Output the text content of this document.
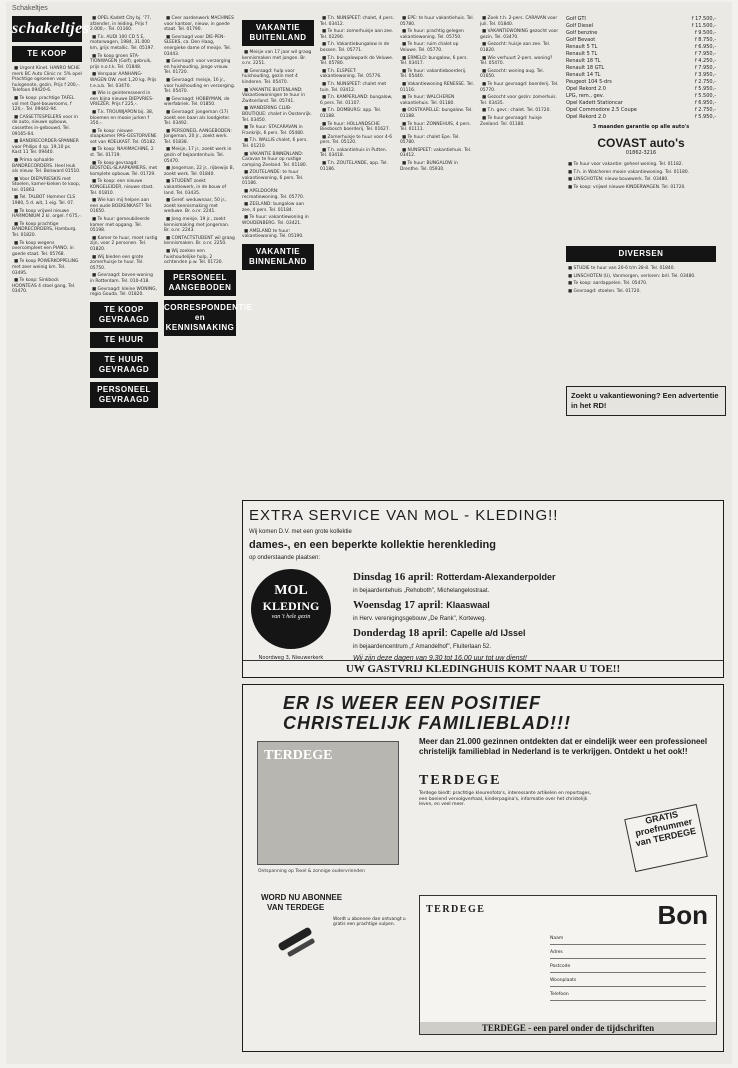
Schakeltjes
schakeltjes
TE KOOP

■ Urgent Kinet. HANRO NCHE merk BC Auto Clinic nr. 5% opel Prachtige ogroenen voor huisgenote, gezin, Prijs f 200,-. Telefoon 09420-6.

■ Te koop: prachtige TAFEL vol met Opel-bouwrooms, f 120,-. Tel. 09442-94.

■ CASSETTESPELERS voor in de auto, nieuwe opbouw, cassettes in-gebouwd, Tel. 09165-64.

■ BANDRECORDER-SPANNER voor Philips 4 sp. 19,10 ps. Kast 11 Tel. 09440.

■ Prima ophaalde BANDRECORDERS. Heel leuk als nieuw. Tel. Bolsward 01510.

■ Voor DIEPVRIESKIS met Stoelen, kamer-kieken te koop, tel. 01863.

■ Tel. TALBOT Hommer CLS 1980, 5 d. wit, 1 eig. Tel. 07.

■ Te koop vrijwel nieuwe HARMONIUM 2 kl. orgel. f 675,-.

■ Te koop prachtige BANDRECORDERS, Hamburg. Tel. 01820.

■ Te koop wegens overcompleet een PIANO, in goede staat. Tel. 05768.

■ Te koop POWERKOPPELING met zeer weinig km. Tel. 03495.

■ Te koop: Sinkbock HOONTEAS 4 stoel gang, Tel. 03470.

■ OPEL Kadett City bj. '77, afzender, in leiding, Prijs f 2.000,-. Tel. 01160.

■ T.k. AUDI 100 CD 5 E, motorwagen, 1984, 31.000 km, grijs metallic. Tel. 05197.

■ Te koop groen STA-TIONWAGEN (Golf), gebruik, prijs n.o.t.k. Tel. 01848.

■ Verspaar AANHANG-WAGEN OW. met 1,20 kg. Prijs t.e.a.b. Tel. 03470.

■ Wie is geinteresseerd in een bijna nieuwe DIEPVRIES-VRIEZER. Prijs f 225,-.

■ T.k. TROUWJAPON bij. 38, bloemen en mooie jurken f 350,-.

■ Te koop: nieuwe slaapkamer PAS-GESTORVENE set van KOELKAST. Tel. 05182.

■ Te koop: NAAIMACHINE, 2 st. Tel. 01719.

■ Te koop gevraagd: BIDSTOEL-SLAAPKAMERS, met komplete opbouw. Tel. 01729.

■ Te koop: een nieuwe KONGELEIDER, nieuwe staat. Tel. 01810.

■ Wie kan mij helpen aan een oude BOEKENKAST? Tel. 01650.

■ Te huur: gemeubileerde kamer met opgang. Tel. 05198.

■ Kamer te huur, moet rustig zijn, voor 2 personen. Tel. 01820.

■ Wij bieden een grote zomerhuisje te huur. Tel. 05750.

■ Gevraagd: boven-woning in Rotterdam. Tel. 010-418.

■ Gevraagd: kleine WONING, regio Gouda. Tel. 01820.

TE KOOP GEVRAAGD
TE HUUR
TE HUUR GEVRAAGD
PERSONEEL GEVRAAGD

■ Ceer aardenwerk MACHINES voor kantoor, nieuw, in goede staat. Tel. 01790.

■ Gevraagd voor DIE-PEN-SLEEKS, ca. Den Haag, energieke dame of meisje. Tel. 03443.

■ Gevraagd: voor verzorging en huishouding, jonge vrouw. Tel. 01720.

■ Gevraagd: meisje, 16 jr., voor huishouding en verzorging. Tel. 05470.

■ Gevraagd: HOBBYMAN, de wierfabriek. Tel. 01850.

■ Gevraagd: jongeman (17) zoekt een baan als loodgieter. Tel. 03492.

■ PERSONEEL AANGEBODEN: Jongeman, 20 jr., zoekt werk. Tel. 01838.

■ Meisje, 17 jr., zoekt werk in gezin of bejaardenhuis. Tel. 05470.

■ Jongeman, 22 jr., rijbewijs B, zoekt werk. Tel. 01840.

■ STUDENT zoekt vakantiewerk, in de bouw of land. Tel. 03435.

■ Geref. weduwnaar, 50 jr., zoekt kennismaking met weduwe. Br. o.nr. 2241.

■ Jong meisje, 19 jr., zoekt kennismaking met jongeman. Br. o.nr. 2243.

■ CONTACTSTUDENT wil graag kennismaken. Br. o.nr. 2250.

■ Wij zoeken een huishoudelijke hulp, 2 ochtenden p.w. Tel. 01720.

PERSONEEL AANGEBODEN
CORRESPONDENTIE en KENNISMAKING
VAKANTIE BUITENLAND

■ Meisje van 17 jaar wil graag kennismaken met jongen. Br. o.nr. 2251.

■ Gevraagd: hulp voor huishouding, gezin met 4 kinderen. Tel. 05470.

■ VAKANTIE BUITENLAND: Vakantiewoningen te huur in Zwitserland. Tel. 05741.

■ WANDERING CLUB-BOUTIQUE: chalet in Oostenrijk. Tel. 03450.

■ Te huur: STACARAVAN in Frankrijk, 6 pers. Tel. 05480.

■ T.h. WALLIS chalet, 6 pers. Tel. 01210.

■ VAKANTIE BINNENLAND: Caravan te huur op rustige camping Zeeland. Tel. 01180.

■ ZOUTELANDE: te huur vakantiewoning, 6 pers. Tel. 01186.

■ APELDOORN: recreatiewoning. Tel. 05770.

■ ZEELAND: bungalow aan zee, 4 pers. Tel. 01184.

■ Te huur: vakantiewoning in WOUDENBERG. Tel. 03421.

■ AMELAND te huur: vakantiewoning. Tel. 05190.

VAKANTIE BINNENLAND

■ T.h. NUNSPEET: chalet, 4 pers. Tel. 03412.

■ Te huur: zomerhuisje aan zee. Tel. 02290.

■ T.h. Vakantiebungalow in de bossen. Tel. 05771.

■ T.h. bungalowpark de Veluwe. Tel. 05780.

■ T.h. ELSPEET: vakantiewoning. Tel. 05776.

■ T.h. NUNSPEET: chalet met tuin. Tel. 03412.

■ T.h. KAMPERLAND: bungalow, 6 pers. Tel. 01107.

■ T.h. DOMBURG: app. Tel. 01188.

■ Te huur: HOLLANDSCHE Biesbosch boerderij. Tel. 01627.

■ Zomerhuisje te huur voor 4-6 pers. Tel. 05120.

■ T.h. vakantiehuis in Putten. Tel. 03418.

■ T.h. ZOUTELANDE, app. Tel. 01186.

■ EPE: te huur vakantiehuis. Tel. 05780.

■ Te huur: prachtig gelegen vakantiewoning. Tel. 05750.

■ Te huur: ruim chalet op Veluwe. Tel. 05770.

■ ERMELO: bungalow, 6 pers. Tel. 03417.

■ Te huur: vakantieboerderij. Tel. 05440.

■ Vakantiewoning RENESSE. Tel. 01116.

■ Te huur: WALCHEREN vakantiehuis. Tel. 01180.

■ OOSTKAPELLE: bungalow. Tel. 01188.

■ Te huur: ZONNEHUIS, 4 pers. Tel. 01111.

■ Te huur: chalet Epe. Tel. 05780.

■ NUNSPEET: vakantiehuis. Tel. 03412.

■ Te huur: BUNGALOW in Drenthe. Tel. 05930.

■ Zoek t.h. 2-pers. CARAVAN voor juli. Tel. 01840.

■ VAKANTIEWONING gezocht voor gezin. Tel. 03470.

■ Gezocht: huisje aan zee. Tel. 01820.

■ Wie verhuurt 2-pers. woning? Tel. 05470.

■ Gezocht: woning aug. Tel. 01650.

■ Te huur gevraagd: boerderij. Tel. 05770.

■ Gezocht voor gezin: zomerhuis. Tel. 03435.

■ T.h. gevr.: chalet. Tel. 01720.

■ Te huur gevraagd: huisje Zeeland. Tel. 01180.

Golf GTI	f 17.500,-
Golf Diesel	f 11.500,-
Golf benzine	f 9.500,-
Golf Bevaot	f 8.750,-
Renault 5 TL	f 6.950,-
Renault 5 TL	f 7.950,-
Renault 18 TL	f 4.250,-
Renault 18 GTL	f 7.950,-
Renault 14 TL	f 3.950,-
Peugeot 104 5-drs	f 2.750,-
Opel Rekord 2.0	f 5.950,-
LPG, rem., gev.	f 5.500,-
Opel Kadett Stationcar	f 6.950,-
Opel Commodore 2.5 Coupe	f 2.750,-
Opel Rekord 2.0	f 5.950,-
3 maanden garantie op alle auto's
COVAST auto's
01862-3216

■ Te huur voor vakantie: geheel woning. Tel. 01182.

■ T.h. in Walcheren mooie vakantiewoning. Tel. 01180.

■ LINSCHOTEN: nieuw bouwwerk. Tel. 03480.

■ Te koop: vrijwel nieuwe KINDERWAGEN. Tel. 01720.

DIVERSEN

■ STUDIE te huur van 20-6 t/m 28-8. Tel. 01840.

■ LINSCHOTEN (U), Vanmorgen, verloren: bril. Tel. 03480.

■ Te koop: aardappelen. Tel. 05470.

■ Gevraagd: stoelen. Tel. 01720.

Zoekt u vakantiewoning? Een advertentie in het RD!
EXTRA SERVICE VAN MOL - KLEDING!!
Wij komen D.V. met een grote kollektie
dames-, en een beperkte kollektie herenkleding
op onderstaande plaatsen:
MOL
KLEDING
van 't hele gezin
Noordweg 3, Nieuwerkerk
Dinsdag 16 april: Rotterdam-Alexanderpolder
in bejaardentehuis „Rehoboth", Michelangelostraat.
Woensdag 17 april: Klaaswaal
in Herv. verenigingsgebouw „De Rank", Korteweg.
Donderdag 18 april: Capelle a/d IJssel
in bejaardencentrum „t' Amandelhof", Fluiterlaan 52.
Wij zijn deze dagen van 9.30 tot 16.00 uur tot uw dienst!
UW GASTVRIJ KLEDINGHUIS KOMT NAAR U TOE!!
ER IS WEER EEN POSITIEF
CHRISTELIJK FAMILIEBLAD!!!
TERDEGE
Ontspanning op Texel & zonnige oudervrienden
Meer dan 21.000 gezinnen ontdekten dat er eindelijk weer een professioneel christelijk familieblad in Nederland is te verkrijgen. Ontdekt u het ook!!
TERDEGE
Terdege biedt: prachtige kleurenfoto's, interessante artikelen en reportages, een boeiend vervolgverhaal, kinderpagina's, informatie over het christelijk leven, en veel meer.
GRATIS proefnummer van TERDEGE
WORD NU ABONNEE
VAN TERDEGE
Wordt u abonnee dan ontvangt u gratis een prachtige vulpen.
TERDEGE	Bon
Naam
Adres
Postcode
Woonplaats
Telefoon
TERDEGE - een parel onder de tijdschriften
